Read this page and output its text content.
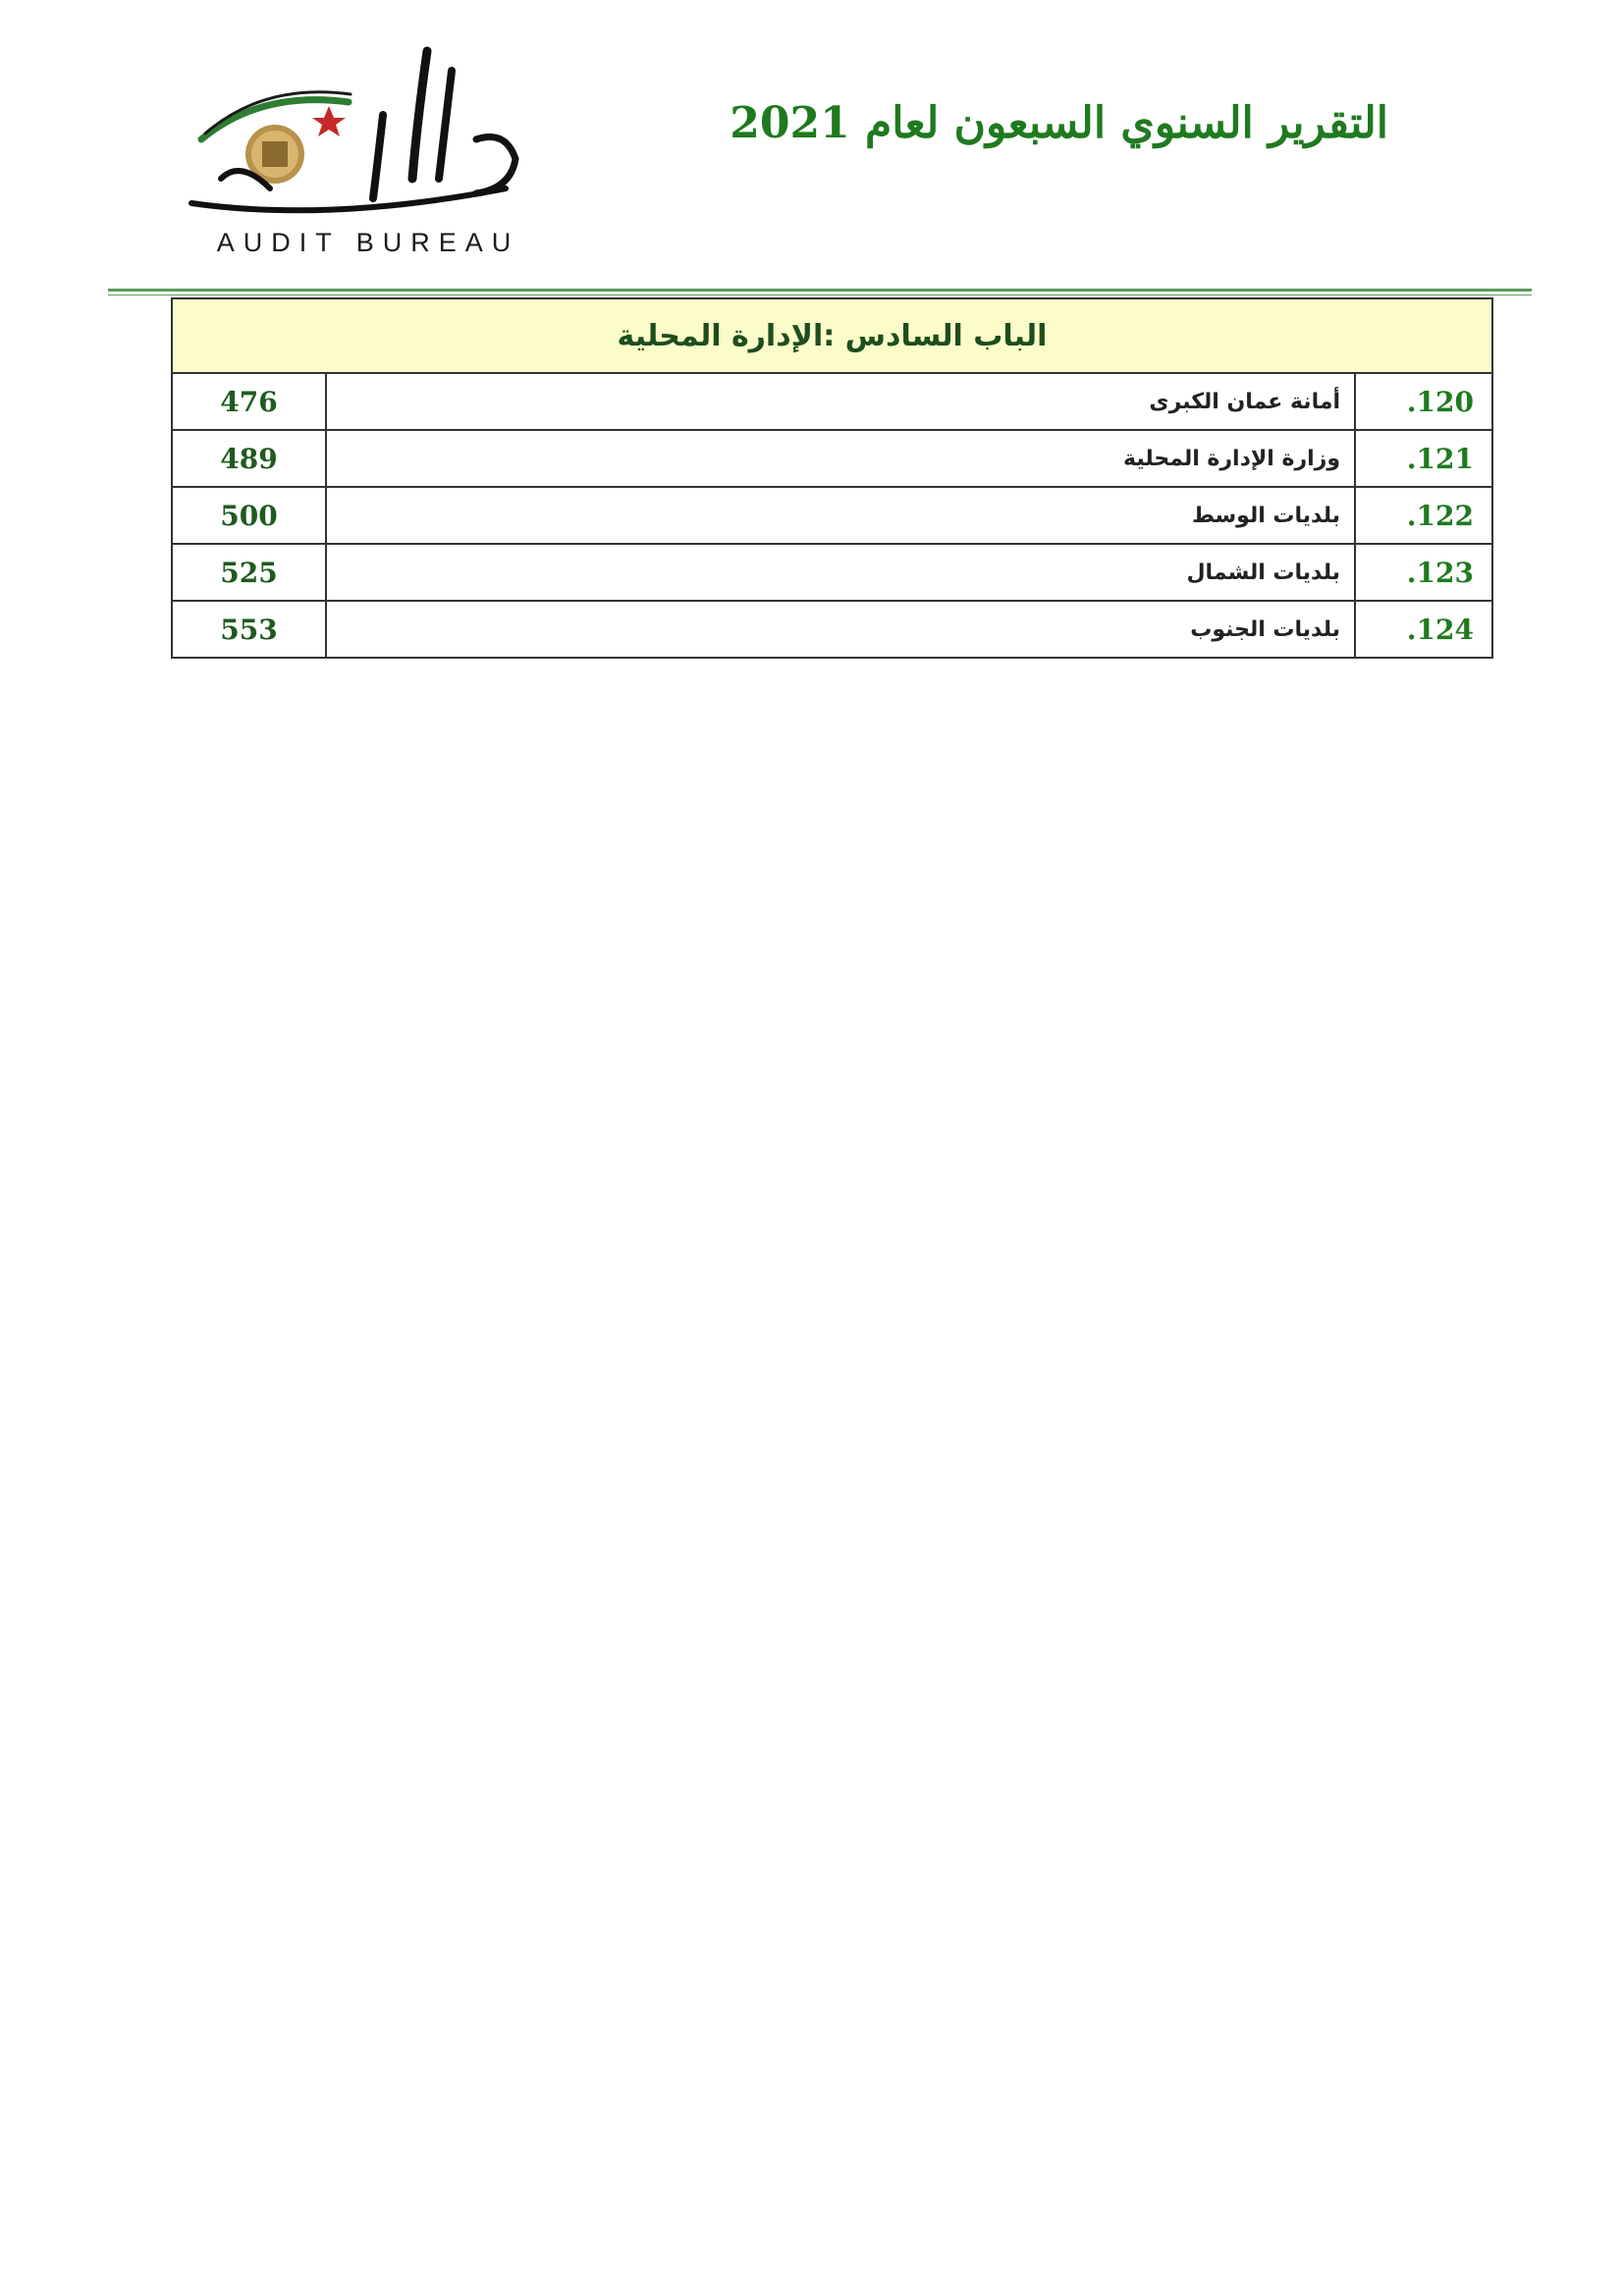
ديوان المحاسبة
AUDIT BUREAU
التقرير السنوي السبعون لعام 2021
الباب السادس :الإدارة المحلية		
120.	أمانة عمان الكبرى	476
121.	وزارة الإدارة المحلية	489
122.	بلديات الوسط	500
123.	بلديات الشمال	525
124.	بلديات الجنوب	553
